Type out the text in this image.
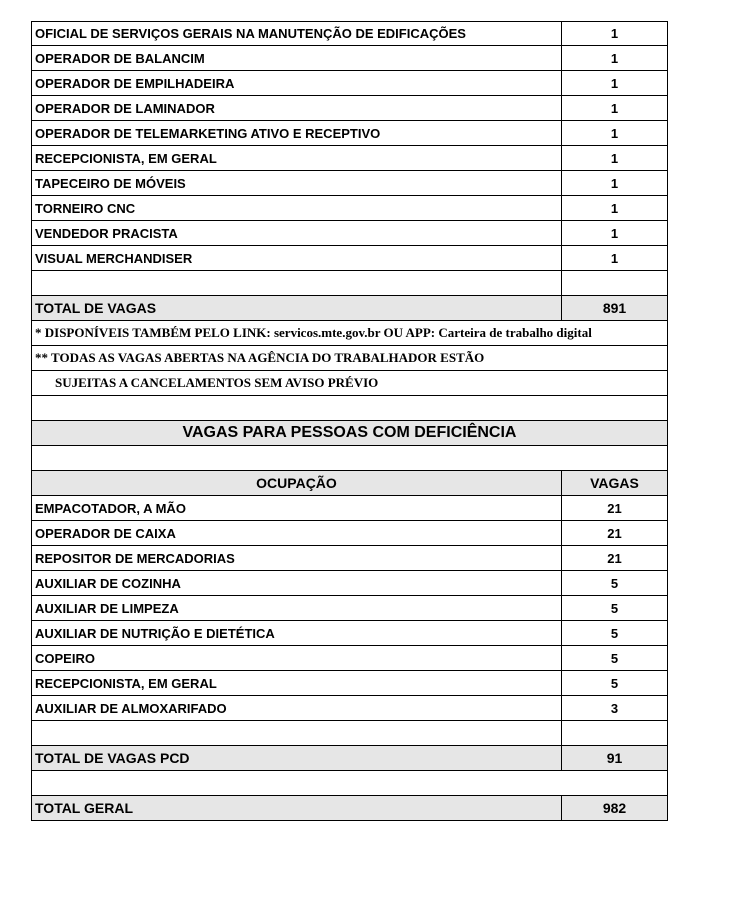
OFICIAL DE SERVIÇOS GERAIS NA MANUTENÇÃO DE EDIFICAÇÕES	1
OPERADOR DE BALANCIM	1
OPERADOR DE EMPILHADEIRA	1
OPERADOR DE LAMINADOR	1
OPERADOR DE TELEMARKETING ATIVO E RECEPTIVO	1
RECEPCIONISTA, EM GERAL	1
TAPECEIRO DE MÓVEIS	1
TORNEIRO CNC	1
VENDEDOR PRACISTA	1
VISUAL MERCHANDISER	1
TOTAL DE VAGAS	891
* DISPONÍVEIS TAMBÉM PELO LINK: servicos.mte.gov.br OU APP: Carteira de trabalho digital
** TODAS AS VAGAS ABERTAS NA AGÊNCIA DO TRABALHADOR ESTÃO
SUJEITAS A CANCELAMENTOS SEM AVISO PRÉVIO
VAGAS PARA PESSOAS COM DEFICIÊNCIA
OCUPAÇÃO	VAGAS
EMPACOTADOR, A MÃO	21
OPERADOR DE CAIXA	21
REPOSITOR DE MERCADORIAS	21
AUXILIAR DE COZINHA	5
AUXILIAR DE LIMPEZA	5
AUXILIAR DE NUTRIÇÃO E DIETÉTICA	5
COPEIRO	5
RECEPCIONISTA, EM GERAL	5
AUXILIAR DE ALMOXARIFADO	3
TOTAL DE VAGAS PCD	91
TOTAL GERAL	982
